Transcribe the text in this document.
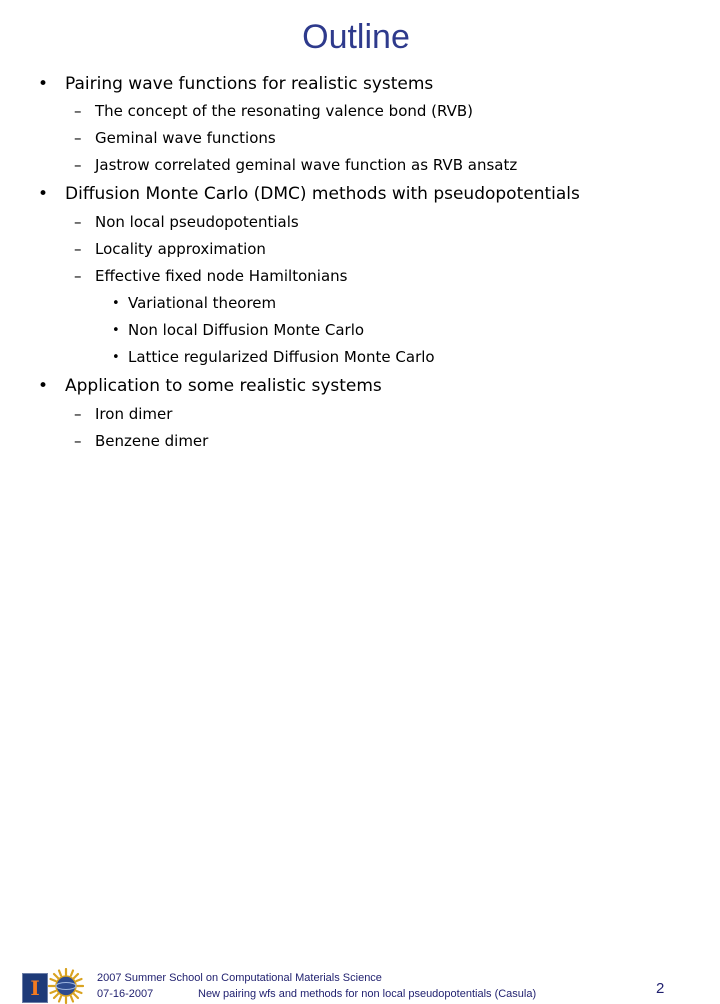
Outline
• Pairing wave functions for realistic systems
– The concept of the resonating valence bond (RVB)
– Geminal wave functions
– Jastrow correlated geminal wave function as RVB ansatz
• Diffusion Monte Carlo (DMC) methods with pseudopotentials
– Non local pseudopotentials
– Locality approximation
– Effective fixed node Hamiltonians
• Variational theorem
• Non local Diffusion Monte Carlo
• Lattice regularized Diffusion Monte Carlo
• Application to some realistic systems
– Iron dimer
– Benzene dimer
I	2007 Summer School on Computational Materials Science
07-16-2007	New pairing wfs and methods for non local pseudopotentials (Casula)	2
